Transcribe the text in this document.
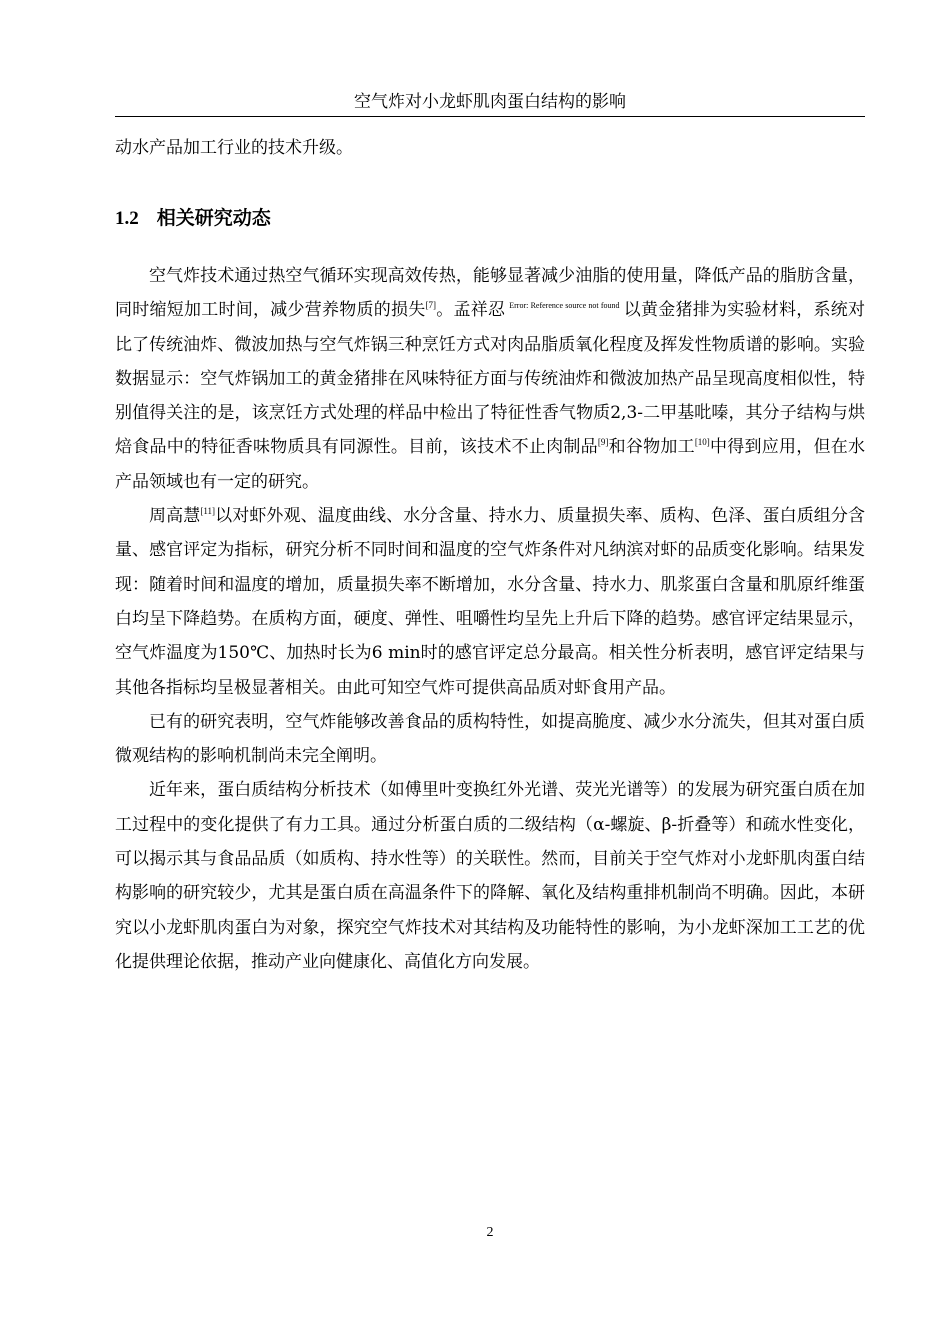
空气炸对小龙虾肌肉蛋白结构的影响
动水产品加工行业的技术升级。
1.2 相关研究动态

空气炸技术通过热空气循环实现高效传热，能够显著减少油脂的使用量，降低产品的脂肪含量，同时缩短加工时间，减少营养物质的损失[7]。孟祥忍 $^{Error: Reference source not found}$ 以黄金猪排为实验材料，系统对比了传统油炸、微波加热与空气炸锅三种烹饪方式对肉品脂质氧化程度及挥发性物质谱的影响。实验数据显示：空气炸锅加工的黄金猪排在风味特征方面与传统油炸和微波加热产品呈现高度相似性，特别值得关注的是，该烹饪方式处理的样品中检出了特征性香气物质2,3-二甲基吡嗪，其分子结构与烘焙食品中的特征香味物质具有同源性。目前，该技术不止肉制品[9]和谷物加工[10]中得到应用，但在水产品领域也有一定的研究。

周高慧[11]以对虾外观、温度曲线、水分含量、持水力、质量损失率、质构、色泽、蛋白质组分含量、感官评定为指标，研究分析不同时间和温度的空气炸条件对凡纳滨对虾的品质变化影响。结果发现：随着时间和温度的增加，质量损失率不断增加，水分含量、持水力、肌浆蛋白含量和肌原纤维蛋白均呈下降趋势。在质构方面，硬度、弹性、咀嚼性均呈先上升后下降的趋势。感官评定结果显示，空气炸温度为150℃、加热时长为6 min时的感官评定总分最高。相关性分析表明，感官评定结果与其他各指标均呈极显著相关。由此可知空气炸可提供高品质对虾食用产品。

已有的研究表明，空气炸能够改善食品的质构特性，如提高脆度、减少水分流失，但其对蛋白质微观结构的影响机制尚未完全阐明。

近年来，蛋白质结构分析技术（如傅里叶变换红外光谱、荧光光谱等）的发展为研究蛋白质在加工过程中的变化提供了有力工具。通过分析蛋白质的二级结构（α-螺旋、β-折叠等）和疏水性变化，可以揭示其与食品品质（如质构、持水性等）的关联性。然而，目前关于空气炸对小龙虾肌肉蛋白结构影响的研究较少，尤其是蛋白质在高温条件下的降解、氧化及结构重排机制尚不明确。因此，本研究以小龙虾肌肉蛋白为对象，探究空气炸技术对其结构及功能特性的影响，为小龙虾深加工工艺的优化提供理论依据，推动产业向健康化、高值化方向发展。

2
